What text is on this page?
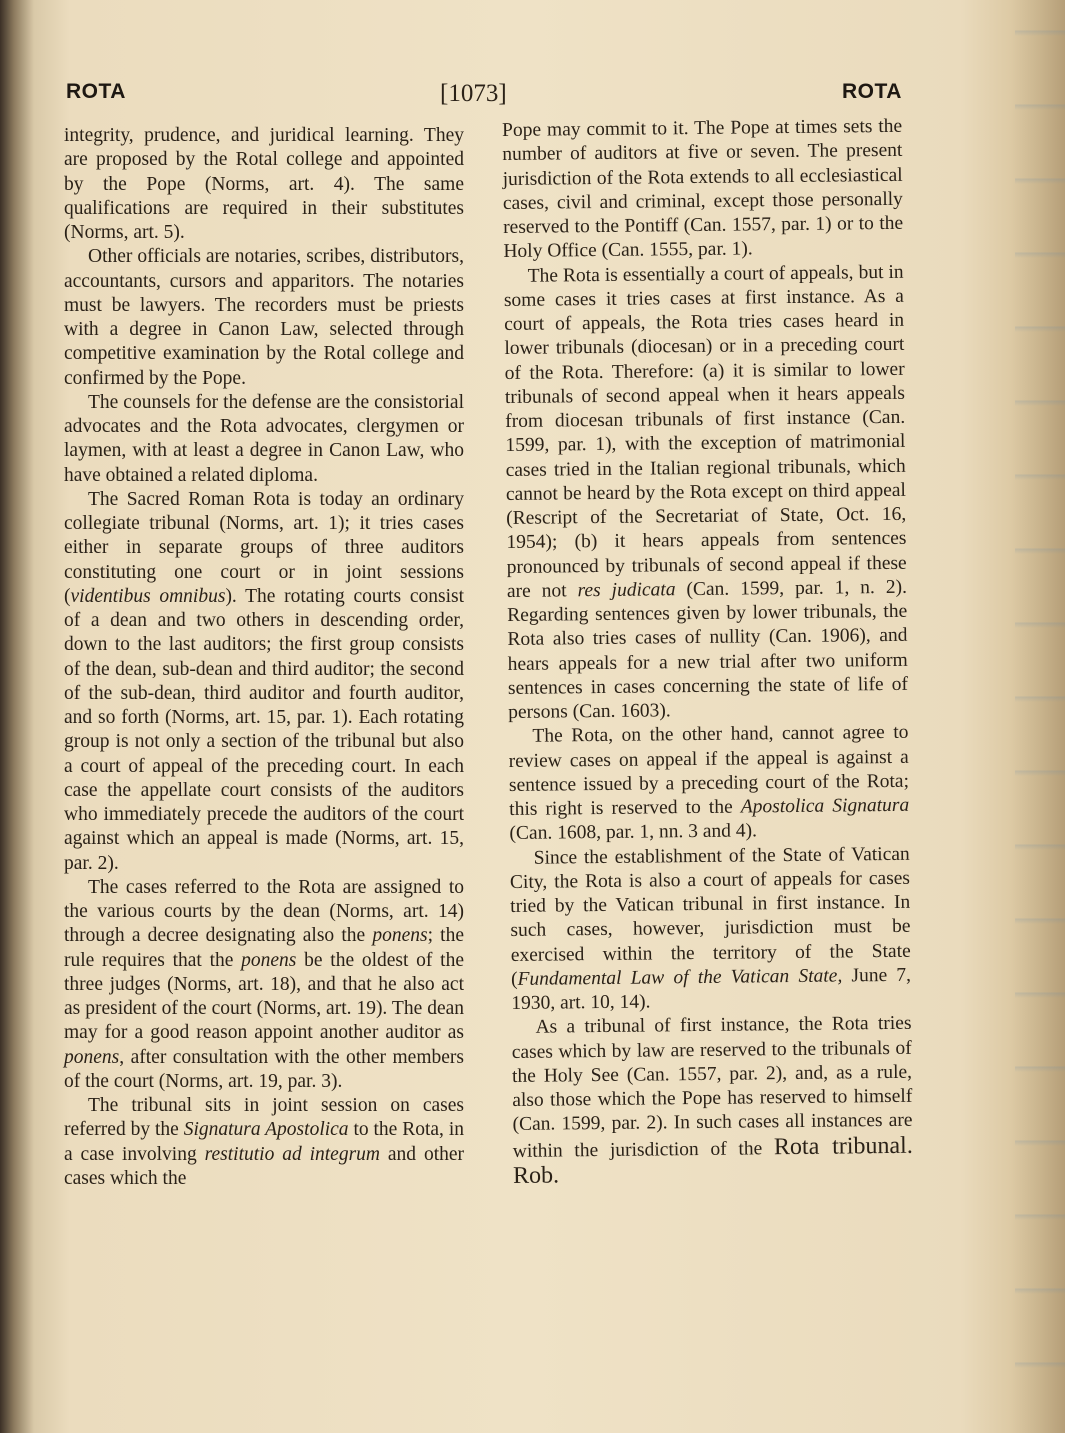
ROTA	[1073]	ROTA

integrity, prudence, and juridical learning. They are proposed by the Rotal college and appointed by the Pope (Norms, art. 4). The same qualifications are required in their substitutes (Norms, art. 5).

Other officials are notaries, scribes, distributors, accountants, cursors and apparitors. The notaries must be lawyers. The recorders must be priests with a degree in Canon Law, selected through competitive examination by the Rotal college and confirmed by the Pope.

The counsels for the defense are the consistorial advocates and the Rota advocates, clergymen or laymen, with at least a degree in Canon Law, who have obtained a related diploma.

The Sacred Roman Rota is today an ordinary collegiate tribunal (Norms, art. 1); it tries cases either in separate groups of three auditors constituting one court or in joint sessions (videntibus omnibus). The rotating courts consist of a dean and two others in descending order, down to the last auditors; the first group consists of the dean, sub-dean and third auditor; the second of the sub-dean, third auditor and fourth auditor, and so forth (Norms, art. 15, par. 1). Each rotating group is not only a section of the tribunal but also a court of appeal of the preceding court. In each case the appellate court consists of the auditors who immediately precede the auditors of the court against which an appeal is made (Norms, art. 15, par. 2).

The cases referred to the Rota are assigned to the various courts by the dean (Norms, art. 14) through a decree designating also the ponens; the rule requires that the ponens be the oldest of the three judges (Norms, art. 18), and that he also act as president of the court (Norms, art. 19). The dean may for a good reason appoint another auditor as ponens, after consultation with the other members of the court (Norms, art. 19, par. 3).

The tribunal sits in joint session on cases referred by the Signatura Apostolica to the Rota, in a case involving restitutio ad integrum and other cases which the

Pope may commit to it. The Pope at times sets the number of auditors at five or seven. The present jurisdiction of the Rota extends to all ecclesiastical cases, civil and criminal, except those personally reserved to the Pontiff (Can. 1557, par. 1) or to the Holy Office (Can. 1555, par. 1).

The Rota is essentially a court of appeals, but in some cases it tries cases at first instance. As a court of appeals, the Rota tries cases heard in lower tribunals (diocesan) or in a preceding court of the Rota. Therefore: (a) it is similar to lower tribunals of second appeal when it hears appeals from diocesan tribunals of first instance (Can. 1599, par. 1), with the exception of matrimonial cases tried in the Italian regional tribunals, which cannot be heard by the Rota except on third appeal (Rescript of the Secretariat of State, Oct. 16, 1954); (b) it hears appeals from sentences pronounced by tribunals of second appeal if these are not res judicata (Can. 1599, par. 1, n. 2). Regarding sentences given by lower tribunals, the Rota also tries cases of nullity (Can. 1906), and hears appeals for a new trial after two uniform sentences in cases concerning the state of life of persons (Can. 1603).

The Rota, on the other hand, cannot agree to review cases on appeal if the appeal is against a sentence issued by a preceding court of the Rota; this right is reserved to the Apostolica Signatura (Can. 1608, par. 1, nn. 3 and 4).

Since the establishment of the State of Vatican City, the Rota is also a court of appeals for cases tried by the Vatican tribunal in first instance. In such cases, however, jurisdiction must be exercised within the territory of the State (Fundamental Law of the Vatican State, June 7, 1930, art. 10, 14).

As a tribunal of first instance, the Rota tries cases which by law are reserved to the tribunals of the Holy See (Can. 1557, par. 2), and, as a rule, also those which the Pope has reserved to himself (Can. 1599, par. 2). In such cases all instances are within the jurisdiction of the Rota tribunal. Rob.
